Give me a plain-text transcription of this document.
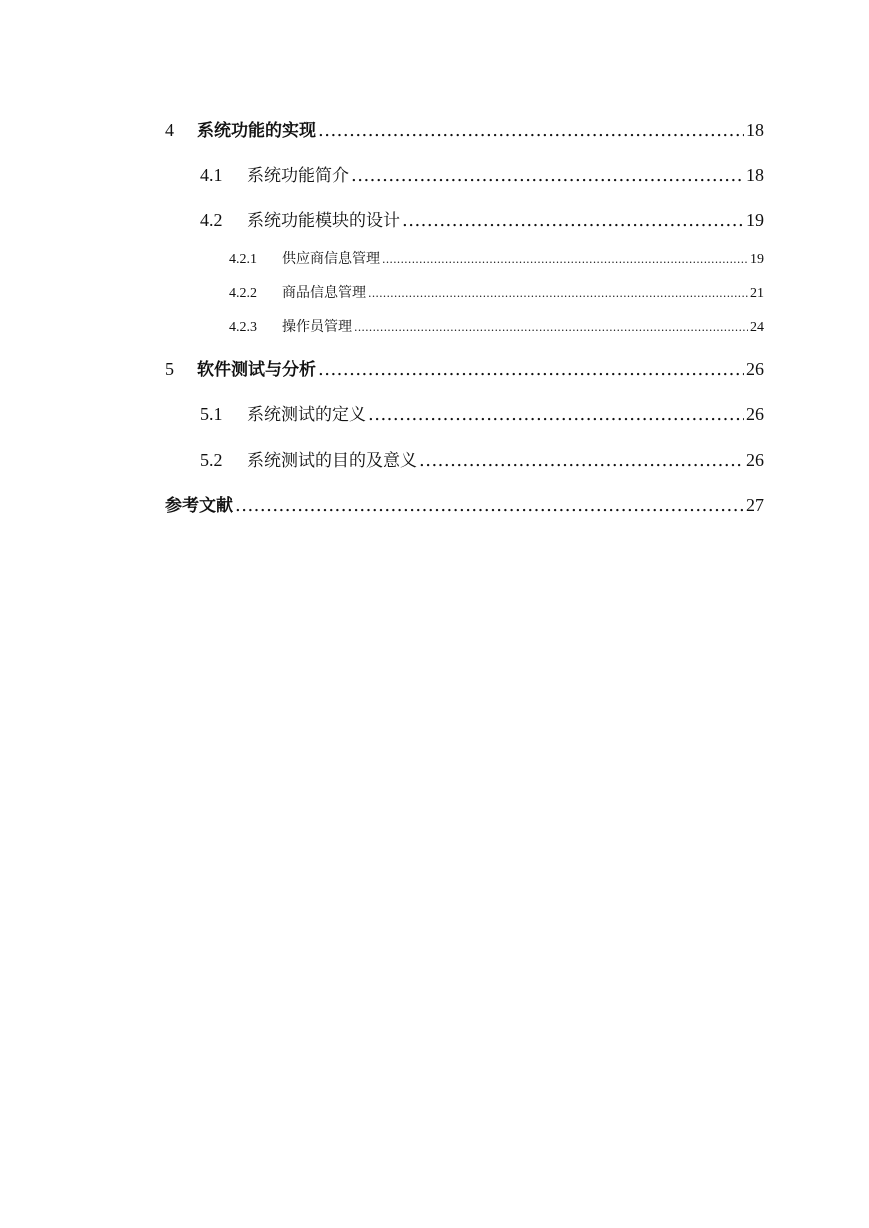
4	系统功能的实现 .....	18
4.1	系统功能简介 .....	18
4.2	系统功能模块的设计 .....	19
4.2.1	供应商信息管理 .....	19
4.2.2	商品信息管理 .....	21
4.2.3	操作员管理 .....	24
5	软件测试与分析 .....	26
5.1	系统测试的定义 .....	26
5.2	系统测试的目的及意义 .....	26
参考文献 .....	27
